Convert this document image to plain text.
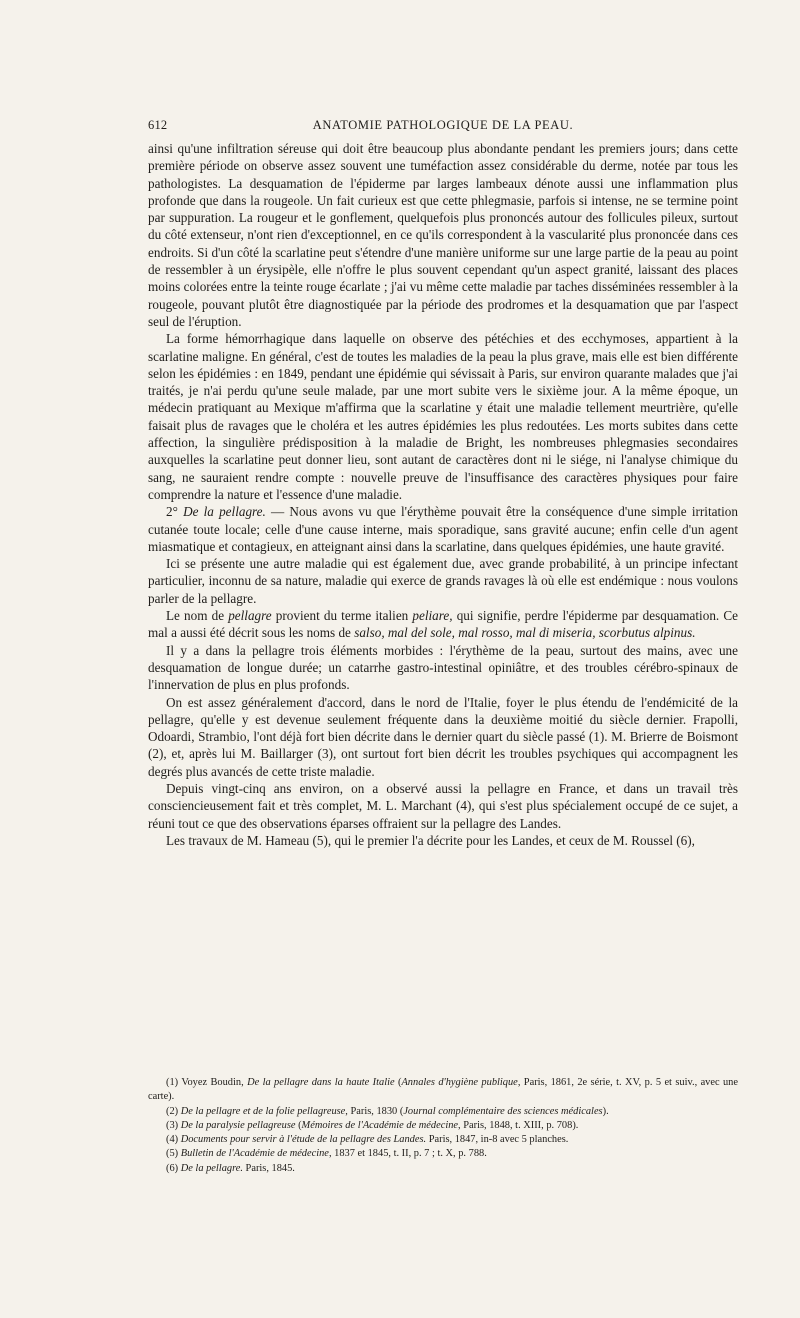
612	ANATOMIE PATHOLOGIQUE DE LA PEAU.

ainsi qu'une infiltration séreuse qui doit être beaucoup plus abondante pendant les premiers jours; dans cette première période on observe assez souvent une tuméfaction assez considérable du derme, notée par tous les pathologistes. La desquamation de l'épiderme par larges lambeaux dénote aussi une inflammation plus profonde que dans la rougeole. Un fait curieux est que cette phlegmasie, parfois si intense, ne se termine point par suppuration. La rougeur et le gonflement, quelquefois plus prononcés autour des follicules pileux, surtout du côté extenseur, n'ont rien d'exceptionnel, en ce qu'ils correspondent à la vascularité plus prononcée dans ces endroits. Si d'un côté la scarlatine peut s'étendre d'une manière uniforme sur une large partie de la peau au point de ressembler à un érysipèle, elle n'offre le plus souvent cependant qu'un aspect granité, laissant des places moins colorées entre la teinte rouge écarlate ; j'ai vu même cette maladie par taches disséminées ressembler à la rougeole, pouvant plutôt être diagnostiquée par la période des prodromes et la desquamation que par l'aspect seul de l'éruption.

La forme hémorrhagique dans laquelle on observe des pétéchies et des ecchymoses, appartient à la scarlatine maligne. En général, c'est de toutes les maladies de la peau la plus grave, mais elle est bien différente selon les épidémies : en 1849, pendant une épidémie qui sévissait à Paris, sur environ quarante malades que j'ai traités, je n'ai perdu qu'une seule malade, par une mort subite vers le sixième jour. A la même époque, un médecin pratiquant au Mexique m'affirma que la scarlatine y était une maladie tellement meurtrière, qu'elle faisait plus de ravages que le choléra et les autres épidémies les plus redoutées. Les morts subites dans cette affection, la singulière prédisposition à la maladie de Bright, les nombreuses phlegmasies secondaires auxquelles la scarlatine peut donner lieu, sont autant de caractères dont ni le siége, ni l'analyse chimique du sang, ne sauraient rendre compte : nouvelle preuve de l'insuffisance des caractères physiques pour faire comprendre la nature et l'essence d'une maladie.

2° De la pellagre. — Nous avons vu que l'érythème pouvait être la conséquence d'une simple irritation cutanée toute locale; celle d'une cause interne, mais sporadique, sans gravité aucune; enfin celle d'un agent miasmatique et contagieux, en atteignant ainsi dans la scarlatine, dans quelques épidémies, une haute gravité.

Ici se présente une autre maladie qui est également due, avec grande probabilité, à un principe infectant particulier, inconnu de sa nature, maladie qui exerce de grands ravages là où elle est endémique : nous voulons parler de la pellagre.

Le nom de pellagre provient du terme italien peliare, qui signifie, perdre l'épiderme par desquamation. Ce mal a aussi été décrit sous les noms de salso, mal del sole, mal rosso, mal di miseria, scorbutus alpinus.

Il y a dans la pellagre trois éléments morbides : l'érythème de la peau, surtout des mains, avec une desquamation de longue durée; un catarrhe gastro-intestinal opiniâtre, et des troubles cérébro-spinaux de l'innervation de plus en plus profonds.

On est assez généralement d'accord, dans le nord de l'Italie, foyer le plus étendu de l'endémicité de la pellagre, qu'elle y est devenue seulement fréquente dans la deuxième moitié du siècle dernier. Frapolli, Odoardi, Strambio, l'ont déjà fort bien décrite dans le dernier quart du siècle passé (1). M. Brierre de Boismont (2), et, après lui M. Baillarger (3), ont surtout fort bien décrit les troubles psychiques qui accompagnent les degrés plus avancés de cette triste maladie.

Depuis vingt-cinq ans environ, on a observé aussi la pellagre en France, et dans un travail très consciencieusement fait et très complet, M. L. Marchant (4), qui s'est plus spécialement occupé de ce sujet, a réuni tout ce que des observations éparses offraient sur la pellagre des Landes.

Les travaux de M. Hameau (5), qui le premier l'a décrite pour les Landes, et ceux de M. Roussel (6),

(1) Voyez Boudin, De la pellagre dans la haute Italie (Annales d'hygiène publique, Paris, 1861, 2e série, t. XV, p. 5 et suiv., avec une carte).

(2) De la pellagre et de la folie pellagreuse, Paris, 1830 (Journal complémentaire des sciences médicales).

(3) De la paralysie pellagreuse (Mémoires de l'Académie de médecine, Paris, 1848, t. XIII, p. 708).

(4) Documents pour servir à l'étude de la pellagre des Landes. Paris, 1847, in-8 avec 5 planches.

(5) Bulletin de l'Académie de médecine, 1837 et 1845, t. II, p. 7 ; t. X, p. 788.

(6) De la pellagre. Paris, 1845.
